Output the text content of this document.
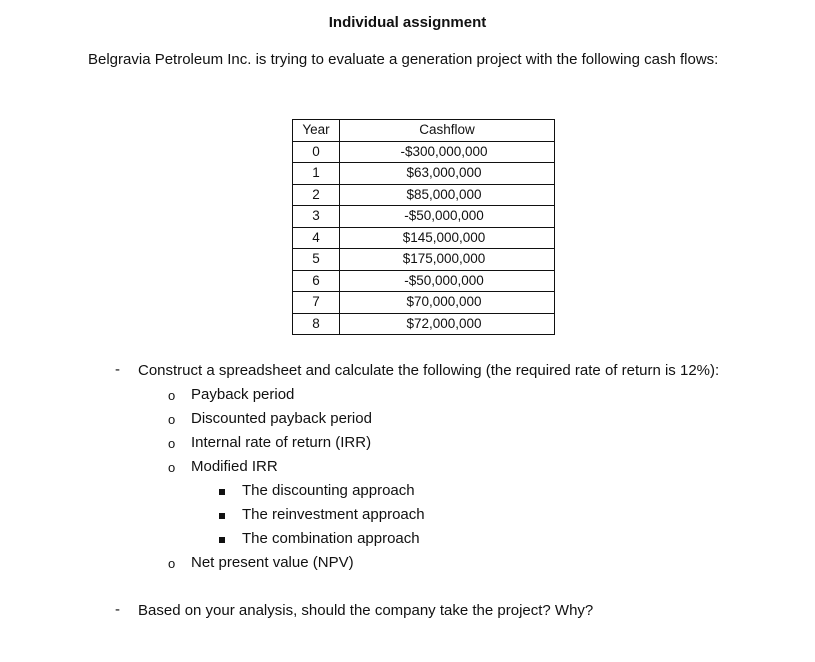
Individual assignment
Belgravia Petroleum Inc. is trying to evaluate a generation project with the following cash flows:
Year	Cashflow
0	-$300,000,000
1	$63,000,000
2	$85,000,000
3	-$50,000,000
4	$145,000,000
5	$175,000,000
6	-$50,000,000
7	$70,000,000
8	$72,000,000
- Construct a spreadsheet and calculate the following (the required rate of return is 12%):
o Payback period
o Discounted payback period
o Internal rate of return (IRR)
o Modified IRR
The discounting approach
The reinvestment approach
The combination approach
o Net present value (NPV)
- Based on your analysis, should the company take the project? Why?
